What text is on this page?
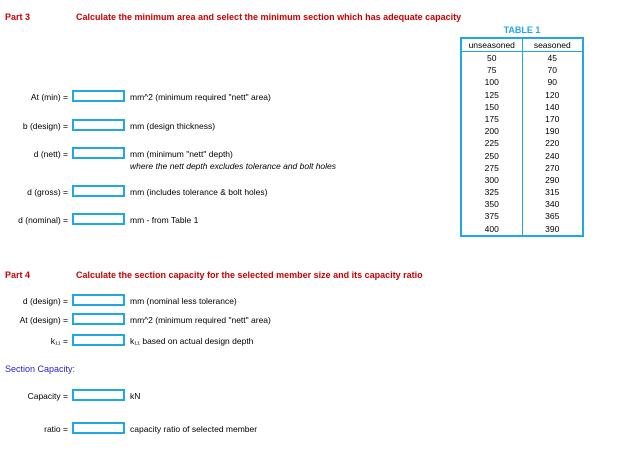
Part 3	Calculate the minimum area and select the minimum section which has adequate capacity
TABLE 1
unseasoned	seasoned
50	45
75	70
100	90
125	120
150	140
175	170
200	190
225	220
250	240
275	270
300	290
325	315
350	340
375	365
400	390
At (min) =	mm^2 (minimum required "nett" area)
b (design) =	mm (design thickness)
d (nett) =	mm (minimum "nett" depth)
where the nett depth excludes tolerance and bolt holes
d (gross) =	mm (includes tolerance & bolt holes)
d (nominal) =	mm - from Table 1
Part 4	Calculate the section capacity for the selected member size and its capacity ratio
d (design) =	mm (nominal less tolerance)
At (design) =	mm^2 (minimum required "nett" area)
k₁₁ =	k₁₁ based on actual design depth
Section Capacity:
Capacity =	kN
ratio =	capacity ratio of selected member
